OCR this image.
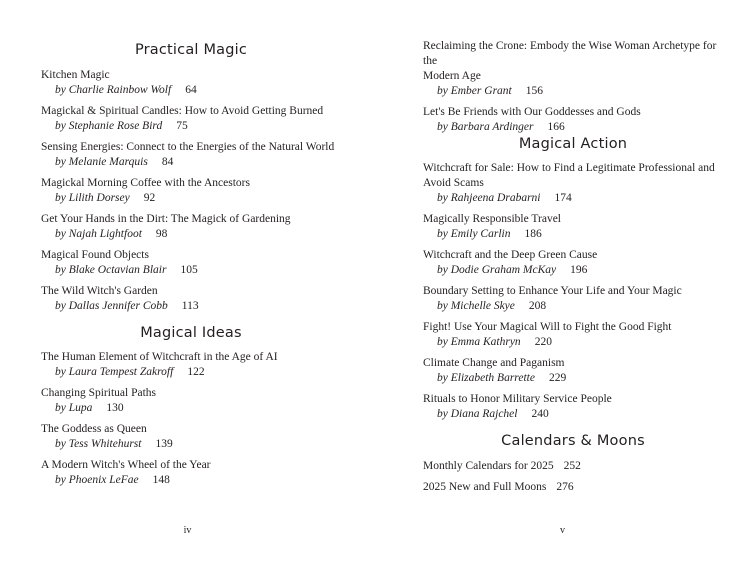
Practical Magic
Kitchen Magic
by Charlie Rainbow Wolf 64
Magickal & Spiritual Candles: How to Avoid Getting Burned
by Stephanie Rose Bird 75
Sensing Energies: Connect to the Energies of the Natural World
by Melanie Marquis 84
Magickal Morning Coffee with the Ancestors
by Lilith Dorsey 92
Get Your Hands in the Dirt: The Magick of Gardening
by Najah Lightfoot 98
Magical Found Objects
by Blake Octavian Blair 105
The Wild Witch's Garden
by Dallas Jennifer Cobb 113
Magical Ideas
The Human Element of Witchcraft in the Age of AI
by Laura Tempest Zakroff 122
Changing Spiritual Paths
by Lupa 130
The Goddess as Queen
by Tess Whitehurst 139
A Modern Witch's Wheel of the Year
by Phoenix LeFae 148
iv
Reclaiming the Crone: Embody the Wise Woman Archetype for the
Modern Age
by Ember Grant 156
Let's Be Friends with Our Goddesses and Gods
by Barbara Ardinger 166
Magical Action
Witchcraft for Sale: How to Find a Legitimate Professional and
Avoid Scams
by Rahjeena Drabarni 174
Magically Responsible Travel
by Emily Carlin 186
Witchcraft and the Deep Green Cause
by Dodie Graham McKay 196
Boundary Setting to Enhance Your Life and Your Magic
by Michelle Skye 208
Fight! Use Your Magical Will to Fight the Good Fight
by Emma Kathryn 220
Climate Change and Paganism
by Elizabeth Barrette 229
Rituals to Honor Military Service People
by Diana Rajchel 240
Calendars & Moons
Monthly Calendars for 2025 252
2025 New and Full Moons 276
v
